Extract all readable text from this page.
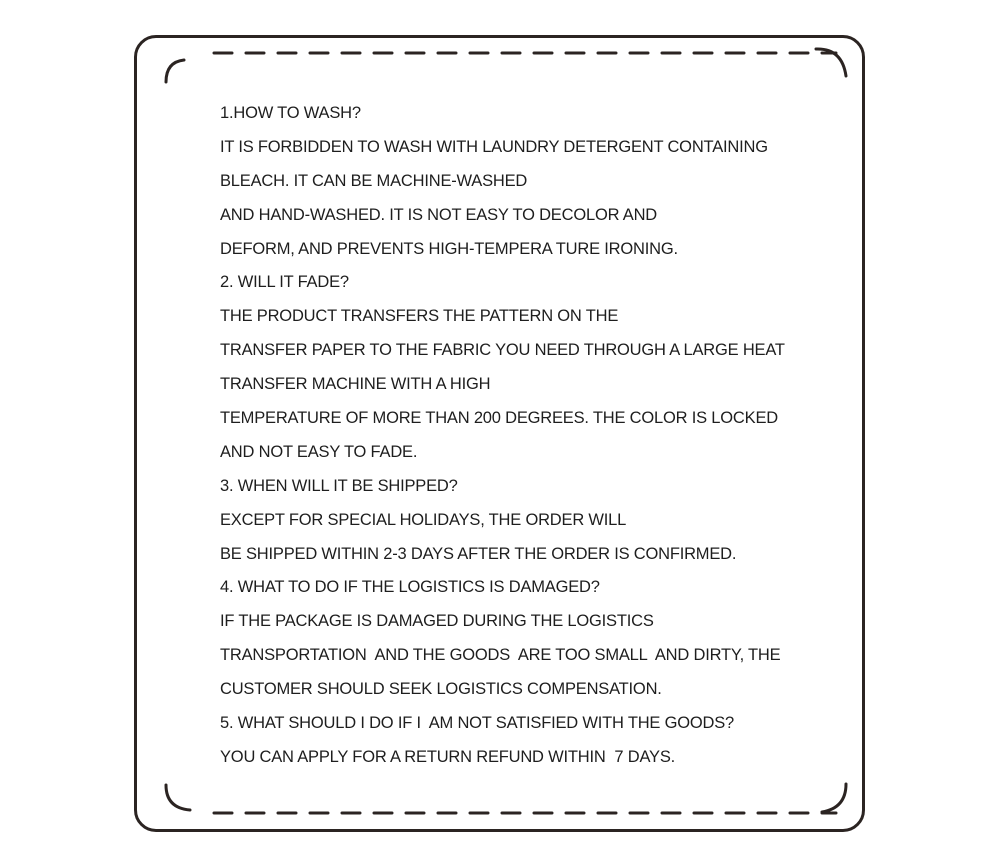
1.HOW TO WASH?
IT IS FORBIDDEN TO WASH WITH LAUNDRY DETERGENT CONTAINING
BLEACH. IT CAN BE MACHINE-WASHED
AND HAND-WASHED. IT IS NOT EASY TO DECOLOR AND
DEFORM, AND PREVENTS HIGH-TEMPERA TURE IRONING.
2. WILL IT FADE?
THE PRODUCT TRANSFERS THE PATTERN ON THE
TRANSFER PAPER TO THE FABRIC YOU NEED THROUGH A LARGE HEAT
TRANSFER MACHINE WITH A HIGH
TEMPERATURE OF MORE THAN 200 DEGREES. THE COLOR IS LOCKED
AND NOT EASY TO FADE.
3. WHEN WILL IT BE SHIPPED?
EXCEPT FOR SPECIAL HOLIDAYS, THE ORDER WILL
BE SHIPPED WITHIN 2-3 DAYS AFTER THE ORDER IS CONFIRMED.
4. WHAT TO DO IF THE LOGISTICS IS DAMAGED?
IF THE PACKAGE IS DAMAGED DURING THE LOGISTICS
TRANSPORTATION  AND THE GOODS  ARE TOO SMALL  AND DIRTY, THE
CUSTOMER SHOULD SEEK LOGISTICS COMPENSATION.
5. WHAT SHOULD I DO IF I  AM NOT SATISFIED WITH THE GOODS?
YOU CAN APPLY FOR A RETURN REFUND WITHIN  7 DAYS.
